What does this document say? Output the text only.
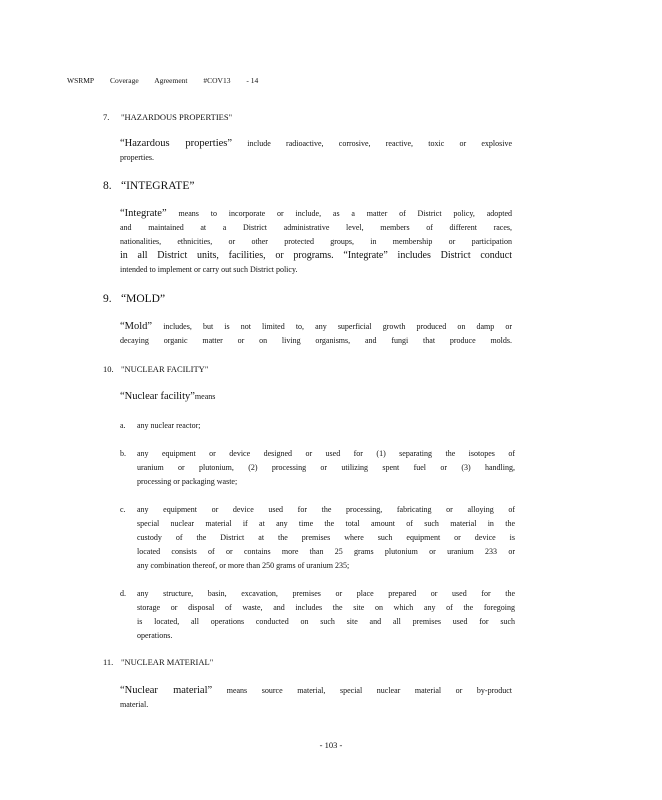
WSRMP Coverage Agreement #COV13 - 14
7. "HAZARDOUS PROPERTIES"
“Hazardous properties” include radioactive, corrosive, reactive, toxic or explosive
properties.
8. “INTEGRATE”
“Integrate” means to incorporate or include, as a matter of District policy, adopted
and maintained at a District administrative level, members of different races,
nationalities, ethnicities, or other protected groups, in membership or participation
in all District units, facilities, or programs. “Integrate” includes District conduct
intended to implement or carry out such District policy.
9. “MOLD”
“Mold” includes, but is not limited to, any superficial growth produced on damp or
decaying organic matter or on living organisms, and fungi that produce molds.
10. "NUCLEAR FACILITY"
“Nuclear facility”means
a. any nuclear reactor;
b. any equipment or device designed or used for (1) separating the isotopes of
uranium or plutonium, (2) processing or utilizing spent fuel or (3) handling,
processing or packaging waste;
c. any equipment or device used for the processing, fabricating or alloying of
special nuclear material if at any time the total amount of such material in the
custody of the District at the premises where such equipment or device is
located consists of or contains more than 25 grams plutonium or uranium 233 or
any combination thereof, or more than 250 grams of uranium 235;
d. any structure, basin, excavation, premises or place prepared or used for the
storage or disposal of waste, and includes the site on which any of the foregoing
is located, all operations conducted on such site and all premises used for such
operations.
11. "NUCLEAR MATERIAL"
“Nuclear material” means source material, special nuclear material or by-product
material.
- 103 -
